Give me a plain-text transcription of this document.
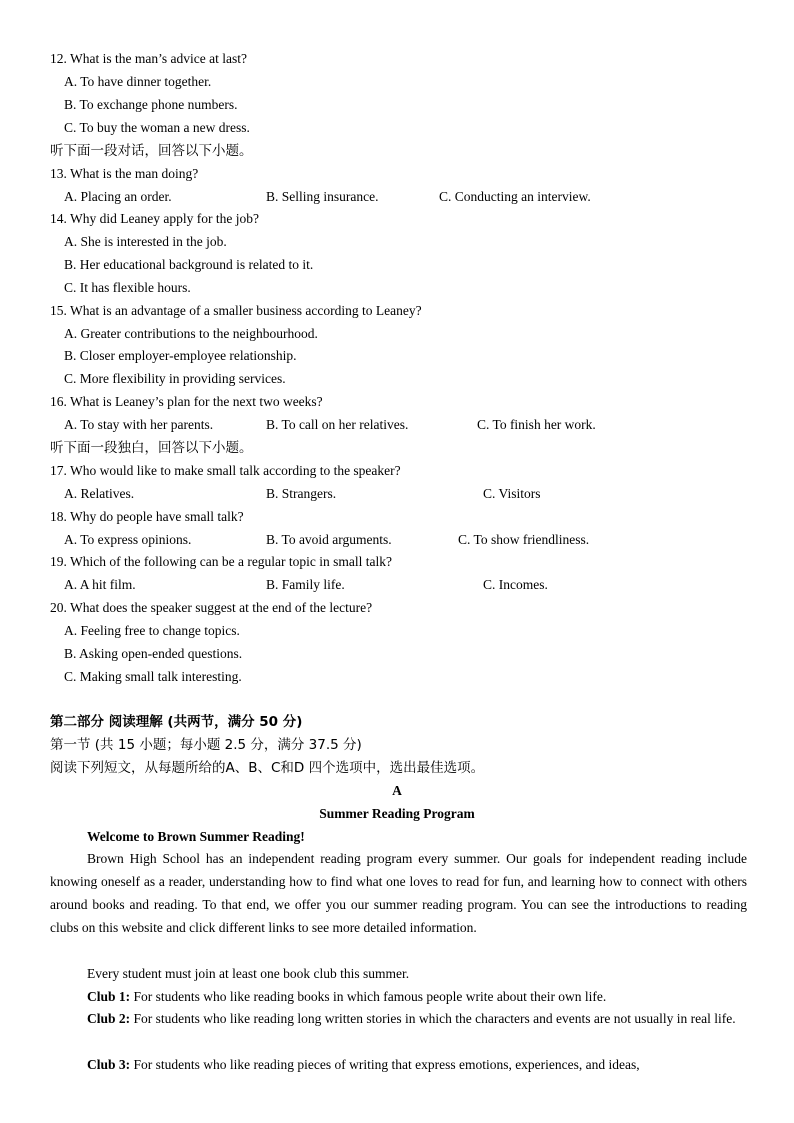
12. What is the man’s advice at last?
A. To have dinner together.
B. To exchange phone numbers.
C. To buy the woman a new dress.
听下面一段对话，回答以下小题。
13. What is the man doing?
A. Placing an order.	B. Selling insurance.	C. Conducting an interview.
14. Why did Leaney apply for the job?
A. She is interested in the job.
B. Her educational background is related to it.
C. It has flexible hours.
15. What is an advantage of a smaller business according to Leaney?
A. Greater contributions to the neighbourhood.
B. Closer employer-employee relationship.
C. More flexibility in providing services.
16. What is Leaney’s plan for the next two weeks?
A. To stay with her parents.	B. To call on her relatives.	C. To finish her work.
听下面一段独白，回答以下小题。
17. Who would like to make small talk according to the speaker?
A. Relatives.	B. Strangers.	C. Visitors
18. Why do people have small talk?
A. To express opinions.	B. To avoid arguments.	C. To show friendliness.
19. Which of the following can be a regular topic in small talk?
A. A hit film.	B. Family life.	C. Incomes.
20. What does the speaker suggest at the end of the lecture?
A. Feeling free to change topics.
B. Asking open-ended questions.
C. Making small talk interesting.
第二部分 阅读理解 (共两节，满分 50 分)
第一节 (共 15 小题；每小题 2.5 分，满分 37.5 分)
阅读下列短文，从每题所给的A、B、C和D 四个选项中，选出最佳选项。
A
Summer Reading Program
Welcome to Brown Summer Reading!
Brown High School has an independent reading program every summer. Our goals for independent reading include knowing oneself as a reader, understanding how to find what one loves to read for fun, and learning how to connect with others around books and reading. To that end, we offer you our summer reading program. You can see the introductions to reading clubs on this website and click different links to see more detailed information.
Every student must join at least one book club this summer.
Club 1: For students who like reading books in which famous people write about their own life.
Club 2: For students who like reading long written stories in which the characters and events are not usually in real life.
Club 3: For students who like reading pieces of writing that express emotions, experiences, and ideas,
